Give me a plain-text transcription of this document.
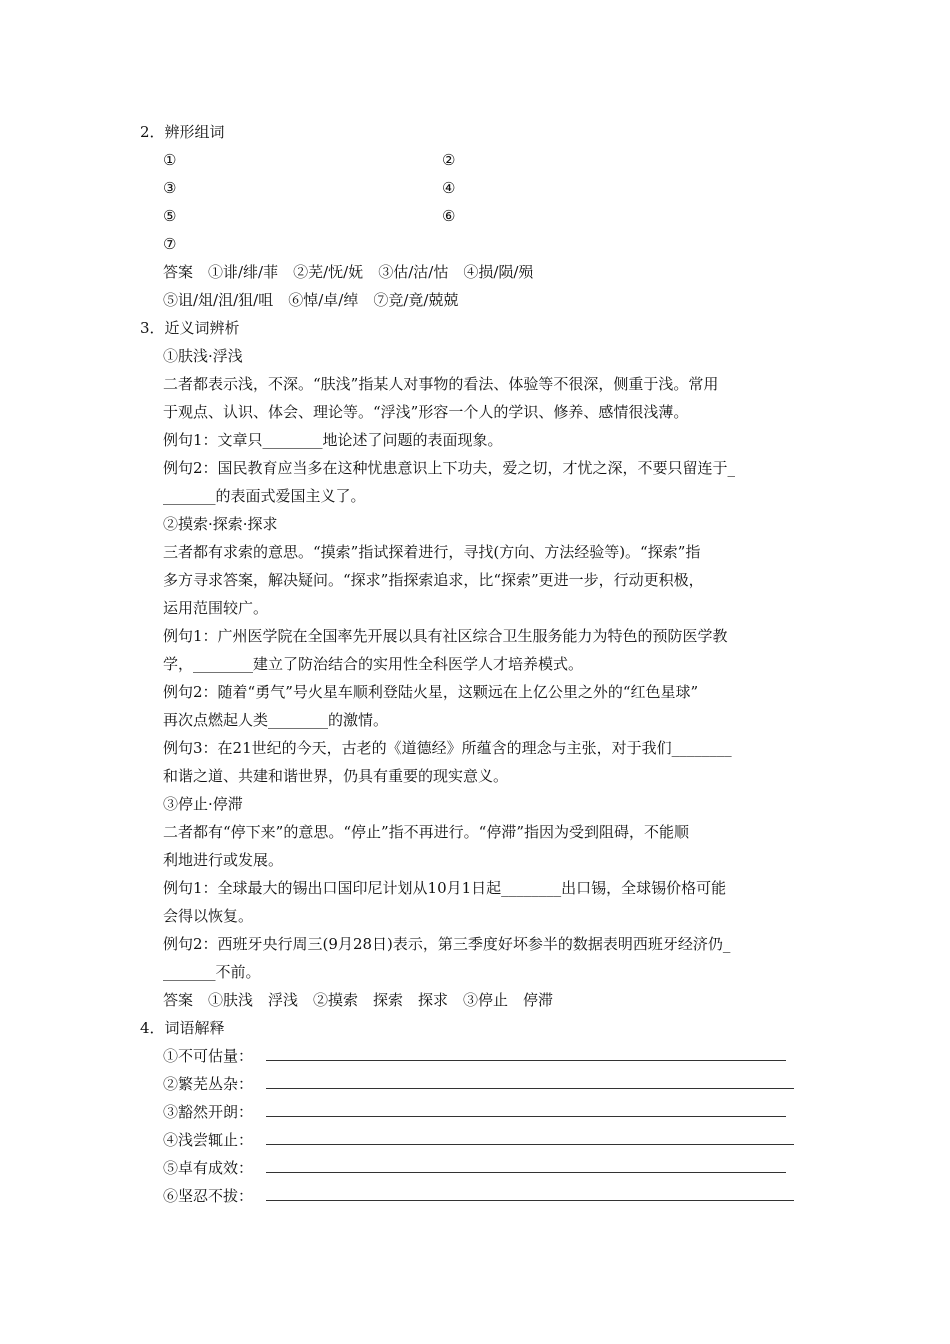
2．辨形组词
①	②
③	④
⑤	⑥
⑦
答案　①诽/绯/菲　②芜/怃/妩　③估/沽/怙　④损/陨/殒
⑤诅/俎/沮/狙/咀　⑥悼/卓/绰　⑦竞/竟/兢兢
3．近义词辨析
①肤浅·浮浅
二者都表示浅，不深。“肤浅”指某人对事物的看法、体验等不很深，侧重于浅。常用
于观点、认识、体会、理论等。“浮浅”形容一个人的学识、修养、感情很浅薄。
例句1：文章只________地论述了问题的表面现象。
例句2：国民教育应当多在这种忧患意识上下功夫，爱之切，才忧之深，不要只留连于_
_______的表面式爱国主义了。
②摸索·探索·探求
三者都有求索的意思。“摸索”指试探着进行，寻找(方向、方法经验等)。“探索”指
多方寻求答案，解决疑问。“探求”指探索追求，比“探索”更进一步，行动更积极，
运用范围较广。
例句1：广州医学院在全国率先开展以具有社区综合卫生服务能力为特色的预防医学教
学，________建立了防治结合的实用性全科医学人才培养模式。
例句2：随着“勇气”号火星车顺利登陆火星，这颗远在上亿公里之外的“红色星球”
再次点燃起人类________的激情。
例句3：在21世纪的今天，古老的《道德经》所蕴含的理念与主张，对于我们________
和谐之道、共建和谐世界，仍具有重要的现实意义。
③停止·停滞
二者都有“停下来”的意思。“停止”指不再进行。“停滞”指因为受到阻碍，不能顺
利地进行或发展。
例句1：全球最大的锡出口国印尼计划从10月1日起________出口锡，全球锡价格可能
会得以恢复。
例句2：西班牙央行周三(9月28日)表示，第三季度好坏参半的数据表明西班牙经济仍_
_______不前。
答案　①肤浅　浮浅　②摸索　探索　探求　③停止　停滞
4．词语解释
①不可估量：
②繁芜丛杂：
③豁然开朗：
④浅尝辄止：
⑤卓有成效：
⑥坚忍不拔：
